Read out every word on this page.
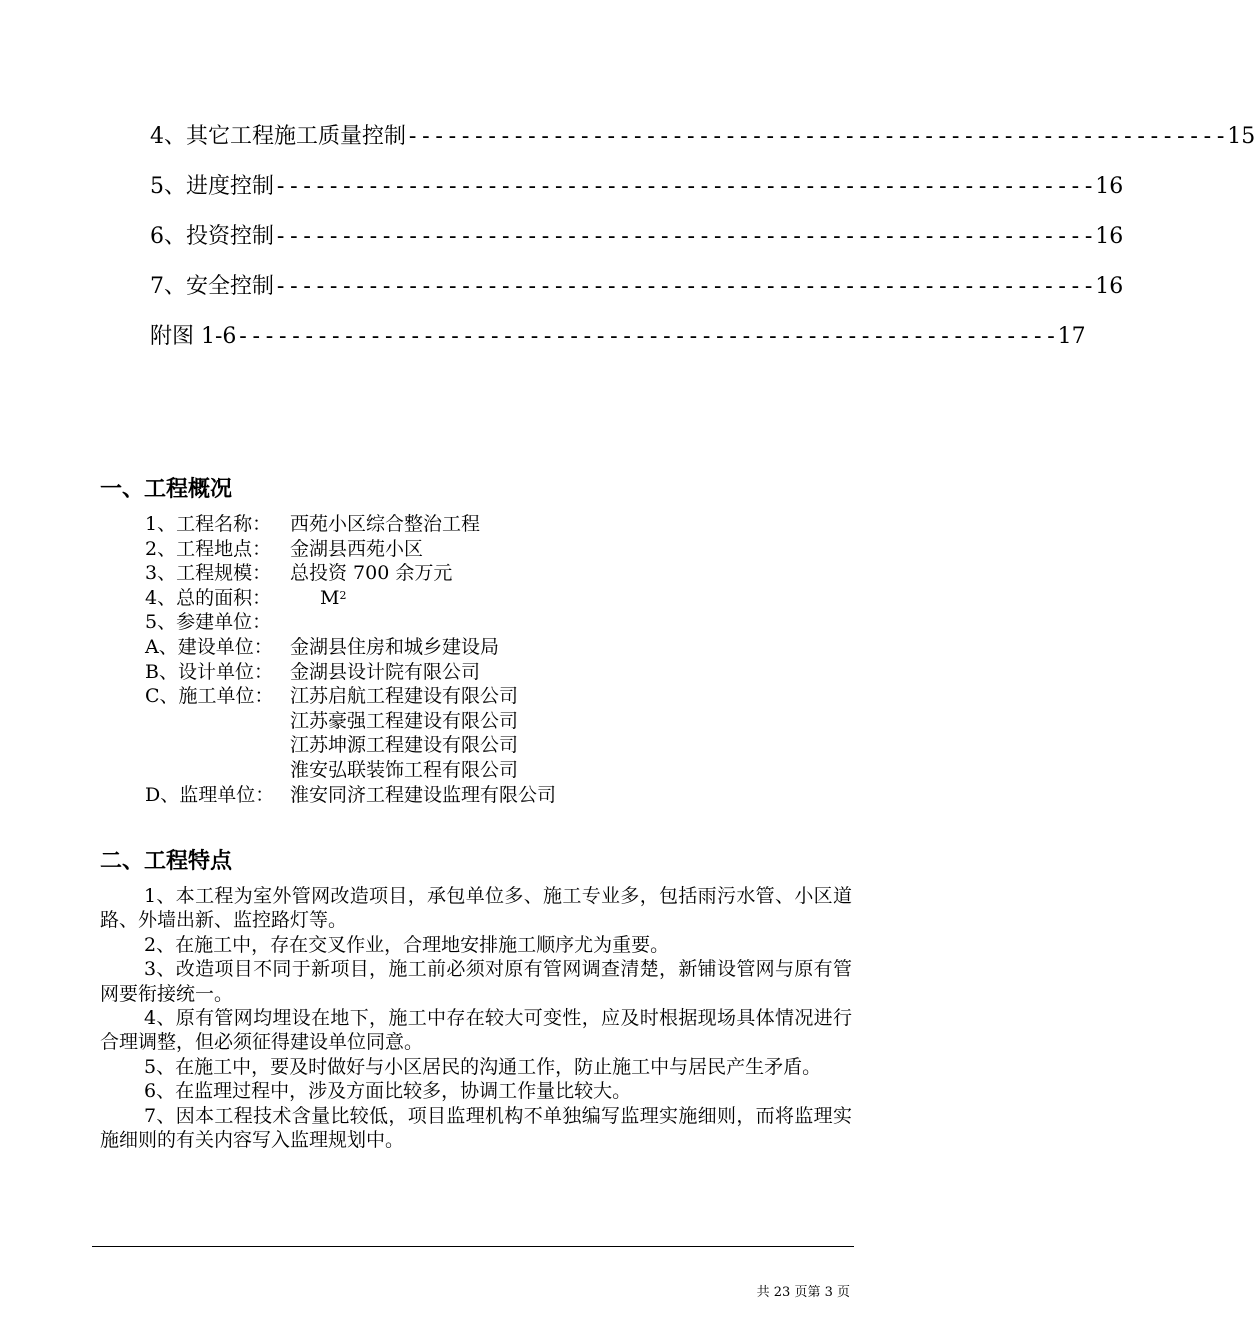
4、其它工程施工质量控制 -------------------------------------------------------------- 15
5、进度控制 -------------------------------------------------------------- 16
6、投资控制 -------------------------------------------------------------- 16
7、安全控制 -------------------------------------------------------------- 16
附图 1-6 -------------------------------------------------------------- 17
一、工程概况
1、工程名称： 西苑小区综合整治工程
2、工程地点： 金湖县西苑小区
3、工程规模： 总投资 700 余万元
4、总的面积：	$M^2$
5、参建单位：
A、建设单位： 金湖县住房和城乡建设局
B、设计单位： 金湖县设计院有限公司
C、施工单位： 江苏启航工程建设有限公司
江苏豪强工程建设有限公司
江苏坤源工程建设有限公司
淮安弘联装饰工程有限公司
D、监理单位： 淮安同济工程建设监理有限公司
二、工程特点

1、本工程为室外管网改造项目，承包单位多、施工专业多，包括雨污水管、小区道路、外墙出新、监控路灯等。

2、在施工中，存在交叉作业，合理地安排施工顺序尤为重要。

3、改造项目不同于新项目，施工前必须对原有管网调查清楚，新铺设管网与原有管网要衔接统一。

4、原有管网均埋设在地下，施工中存在较大可变性，应及时根据现场具体情况进行合理调整，但必须征得建设单位同意。

5、在施工中，要及时做好与小区居民的沟通工作，防止施工中与居民产生矛盾。

6、在监理过程中，涉及方面比较多，协调工作量比较大。

7、因本工程技术含量比较低，项目监理机构不单独编写监理实施细则，而将监理实施细则的有关内容写入监理规划中。

共 23 页第 3 页
